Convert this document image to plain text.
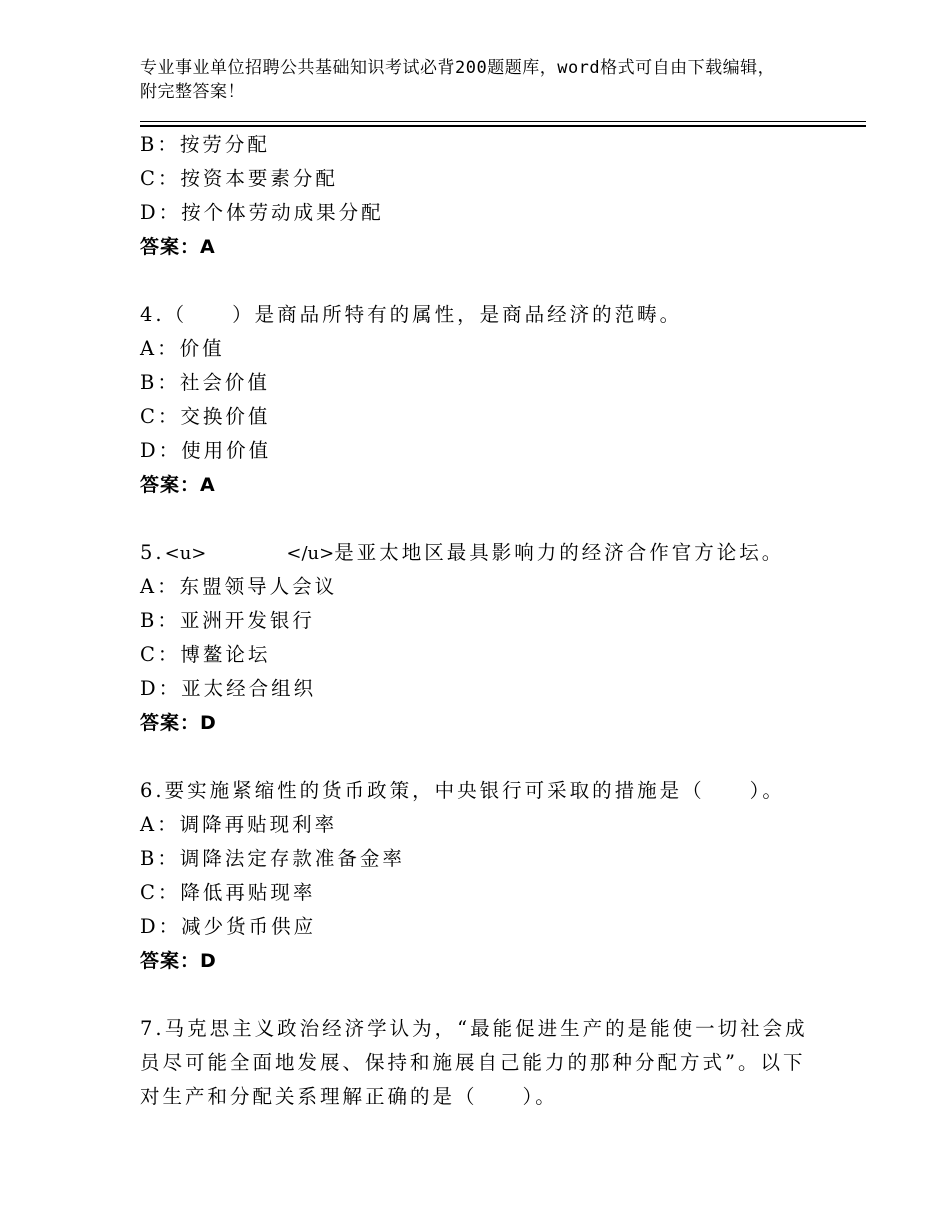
专业事业单位招聘公共基础知识考试必背200题题库，word格式可自由下载编辑，附完整答案！
B：按劳分配
C：按资本要素分配
D：按个体劳动成果分配
答案：A
4.（　　）是商品所特有的属性，是商品经济的范畴。
A：价值
B：社会价值
C：交换价值
D：使用价值
答案：A
5.<u>	</u>是亚太地区最具影响力的经济合作官方论坛。
A：东盟领导人会议
B：亚洲开发银行
C：博鳌论坛
D：亚太经合组织
答案：D
6.要实施紧缩性的货币政策，中央银行可采取的措施是（　　）。
A：调降再贴现利率
B：调降法定存款准备金率
C：降低再贴现率
D：减少货币供应
答案：D
7.马克思主义政治经济学认为，“最能促进生产的是能使一切社会成
员尽可能全面地发展、保持和施展自己能力的那种分配方式”。以下
对生产和分配关系理解正确的是（　　）。
